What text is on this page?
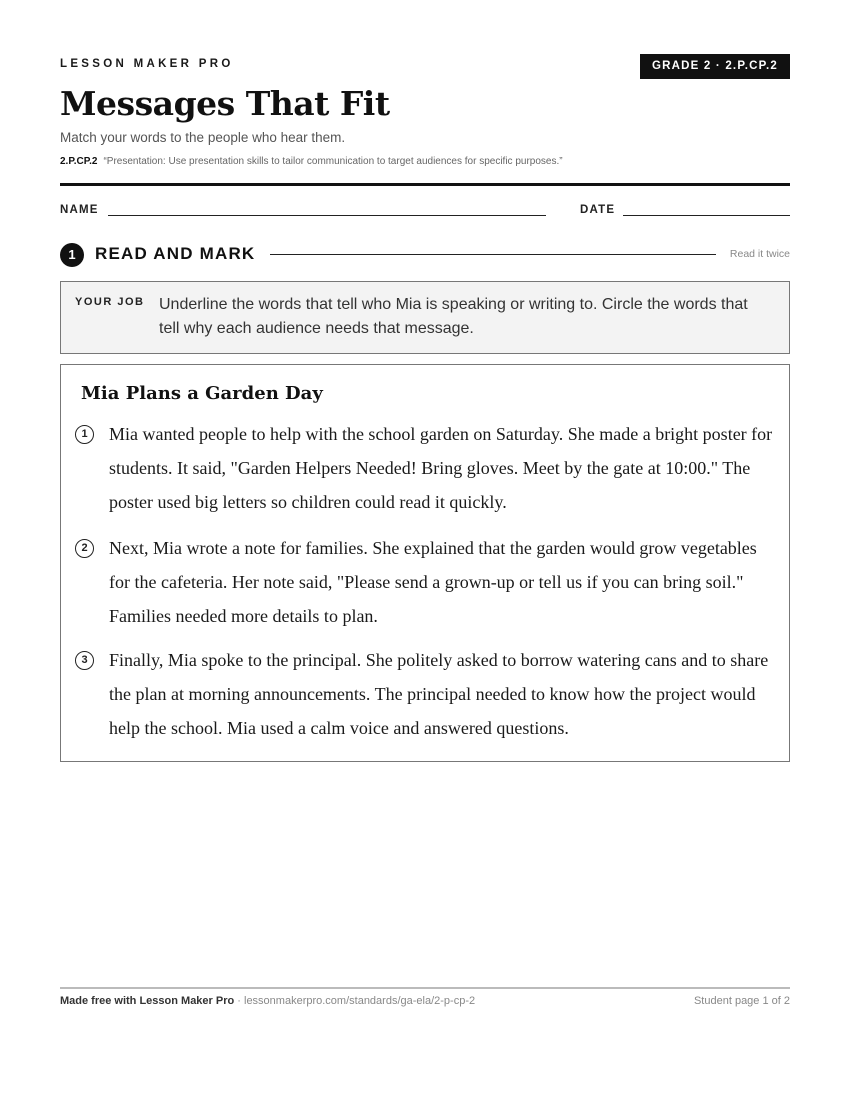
LESSON MAKER PRO	GRADE 2 · 2.P.CP.2
Messages That Fit
Match your words to the people who hear them.
2.P.CP.2 “Presentation: Use presentation skills to tailor communication to target audiences for specific purposes.”
NAME	DATE
1	READ AND MARK	Read it twice
YOUR JOB Underline the words that tell who Mia is speaking or writing to. Circle the words that tell why each audience needs that message.
Mia Plans a Garden Day
1	Mia wanted people to help with the school garden on Saturday. She made a bright poster for students. It said, "Garden Helpers Needed! Bring gloves. Meet by the gate at 10:00." The poster used big letters so children could read it quickly.

2	Next, Mia wrote a note for families. She explained that the garden would grow vegetables for the cafeteria. Her note said, "Please send a grown-up or tell us if you can bring soil." Families needed more details to plan.

3	Finally, Mia spoke to the principal. She politely asked to borrow watering cans and to share the plan at morning announcements. The principal needed to know how the project would help the school. Mia used a calm voice and answered questions.

Made free with Lesson Maker Pro · lessonmakerpro.com/standards/ga-ela/2-p-cp-2	Student page 1 of 2
